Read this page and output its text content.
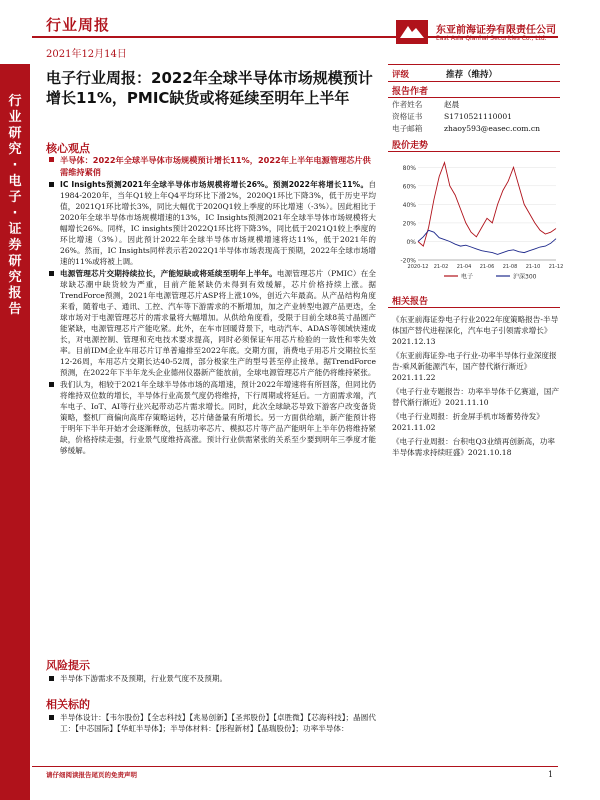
行业周报
2021年12月14日
东亚前海证券有限责任公司
East Asia Qianhai Securities Co., Ltd.
行
业
研
究
·
电
子
·
证
券
研
究
报
告
电子行业周报：2022年全球半导体市场规模预计增长11%，PMIC缺货或将延续至明年上半年
核心观点
半导体：2022年全球半导体市场规模预计增长11%，2022年上半年电源管理芯片供需维持紧俏
IC Insights预测2021年全球半导体市场规模将增长26%。预测2022年将增长11%。自1984-2020年，当年Q1较上年Q4平均环比下滑2%，2020Q1环比下降3%，低于历史平均值，2021Q1环比增长3%，同比大幅优于2020Q1较上季度的环比增速（-3%）。因此相比于2020年全球半导体市场规模增速的13%，IC Insights预测2021年全球半导体市场规模将大幅增长26%。同样，IC insights预计2022Q1环比将下降3%，同比低于2021Q1较上季度的环比增速（3%）。因此预计2022年全球半导体市场规模增速将达11%，低于2021年的26%。然而，IC Insights同样表示若2022Q1半导体市场表现高于预期，2022年全球市场增速的11%或将被上调。
电源管理芯片交期持续拉长，产能短缺或将延续至明年上半年。电源管理芯片（PMIC）在全球缺芯潮中缺货较为严重，目前产能紧缺仍未得到有效缓解，芯片价格持续上涨。据TrendForce预测，2021年电源管理芯片ASP将上涨10%，创近六年最高。从产品结构角度来看，随着电子、通讯、工控、汽车等下游需求的不断增加，加之产业转型电源产品更迭，全球市场对于电源管理芯片的需求量将大幅增加。从供给角度看，受限于目前全球8英寸晶圆产能紧缺，电源管理芯片产能吃紧。此外，在车市回暖背景下，电动汽车、ADAS等领域快速成长，对电源控制、管理和充电技术要求提高，同时必须保证车用芯片检验的一致性和零失效率。目前IDM企业车用芯片订单普遍排至2022年底。交期方面，消费电子用芯片交期拉长至12-26周，车用芯片交期长达40-52周，部分极家生产的型号甚至停止接单。据TrendForce预测，在2022年下半年龙头企业德州仪器新产能放前，全球电源管理芯片产能仍将维持紧张。
我们认为，相较于2021年全球半导体市场的高增速，预计2022年增速将有所回落，但同比仍将维持双位数的增长，半导体行业高景气度仍将维持，下行周期或将延后。一方面需求端，汽车电子、IoT、AI等行业兴起带动芯片需求增长。同时，此次全球缺芯导致下游客户改变备货策略，整机厂商偏向高库存策略运转，芯片储备量有所增长。另一方面供给端，新产能预计将于明年下半年开始才会逐渐释放，包括功率芯片、模拟芯片等产品产能明年上半年仍将维持紧缺，价格持续走强，行业景气度维持高涨。预计行业供需紧张的关系至少要到明年三季度才能够缓解。
风险提示
半导体下游需求不及预期，行业景气度不及预期。
相关标的
半导体设计：【韦尔股份】【全志科技】【兆易创新】【圣邦股份】【卓胜微】【芯海科技】；晶圆代工：【中芯国际】【华虹半导体】；半导体材料：【彤程新材】【晶瑞股份】；功率半导体：
请仔细阅读报告尾页的免责声明	1
评级	推荐（维持）
报告作者
作者姓名	赵晨
资格证书	S1710521110001
电子邮箱	zhaoy593@easec.com.cn
股价走势
80%
60%
40%
20%
0%
-20%
2020-12 21-02 21-04 21-06 21-08 21-10 21-12
电子	沪深300
相关报告
《东亚前海证券电子行业2022年度策略报告-半导体国产替代进程深化，汽车电子引领需求增长》2021.12.13
《东亚前海证券-电子行业-功率半导体行业深度报告-乘风新能源汽车，国产替代渐行渐近》2021.11.22
《电子行业专题报告：功率半导体千亿赛道，国产替代渐行渐近》2021.11.10
《电子行业周报：折金屏手机市场蓄势待发》2021.11.02
《电子行业周报：台积电Q3业绩再创新高，功率半导体需求持续旺盛》2021.10.18
